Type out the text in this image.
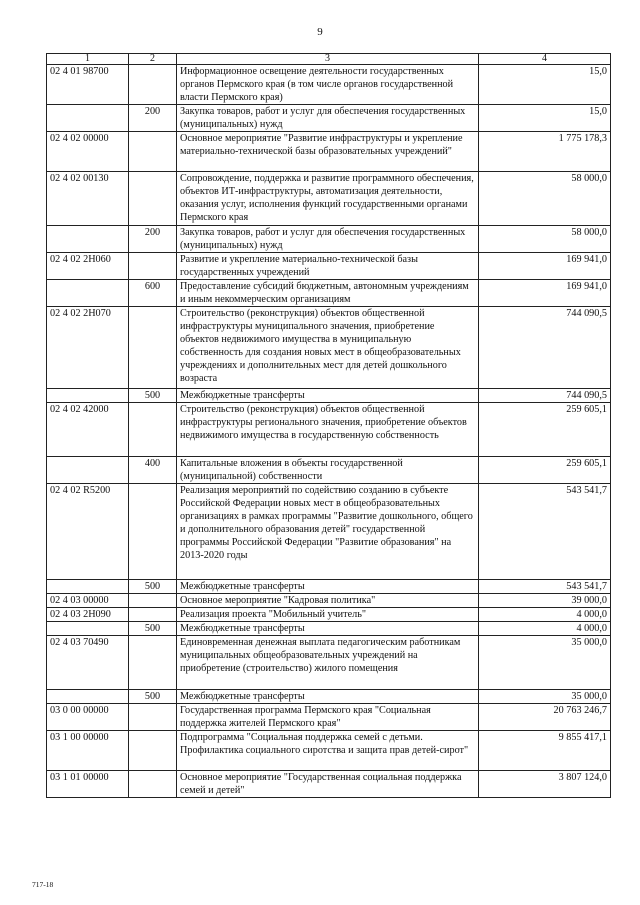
9
1	2	3	4
02 4 01 98700		Информационное освещение деятельности государственных органов Пермского края (в том числе органов государственной власти Пермского края)	15,0
	200	Закупка товаров, работ и услуг для обеспечения государственных (муниципальных) нужд	15,0
02 4 02 00000		Основное мероприятие "Развитие инфраструктуры и укрепление материально-технической базы образовательных учреждений"	1 775 178,3
02 4 02 00130		Сопровождение, поддержка и развитие программного обеспечения, объектов ИТ-инфраструктуры, автоматизация деятельности, оказания услуг, исполнения функций государственными органами Пермского края	58 000,0
	200	Закупка товаров, работ и услуг для обеспечения государственных (муниципальных) нужд	58 000,0
02 4 02 2Н060		Развитие и укрепление материально-технической базы государственных учреждений	169 941,0
	600	Предоставление субсидий бюджетным, автономным учреждениям и иным некоммерческим организациям	169 941,0
02 4 02 2Н070		Строительство (реконструкция) объектов общественной инфраструктуры муниципального значения, приобретение объектов недвижимого имущества в муниципальную собственность для создания новых мест в общеобразовательных учреждениях и дополнительных мест для детей дошкольного возраста	744 090,5
	500	Межбюджетные трансферты	744 090,5
02 4 02 42000		Строительство (реконструкция) объектов общественной инфраструктуры регионального значения, приобретение объектов недвижимого имущества в государственную собственность	259 605,1
	400	Капитальные вложения в объекты государственной (муниципальной) собственности	259 605,1
02 4 02 R5200		Реализация мероприятий по содействию созданию в субъекте Российской Федерации новых мест в общеобразовательных организациях в рамках программы "Развитие дошкольного, общего и дополнительного образования детей" государственной программы Российской Федерации "Развитие образования" на 2013-2020 годы	543 541,7
	500	Межбюджетные трансферты	543 541,7
02 4 03 00000		Основное мероприятие "Кадровая политика"	39 000,0
02 4 03 2Н090		Реализация проекта "Мобильный учитель"	4 000,0
	500	Межбюджетные трансферты	4 000,0
02 4 03 70490		Единовременная денежная выплата педагогическим работникам муниципальных общеобразовательных учреждений на приобретение (строительство) жилого помещения	35 000,0
	500	Межбюджетные трансферты	35 000,0
03 0 00 00000		Государственная программа Пермского края "Социальная поддержка жителей Пермского края"	20 763 246,7
03 1 00 00000		Подпрограмма "Социальная поддержка семей с детьми. Профилактика социального сиротства и защита прав детей-сирот"	9 855 417,1
03 1 01 00000		Основное мероприятие "Государственная социальная поддержка семей и детей"	3 807 124,0
717-18
